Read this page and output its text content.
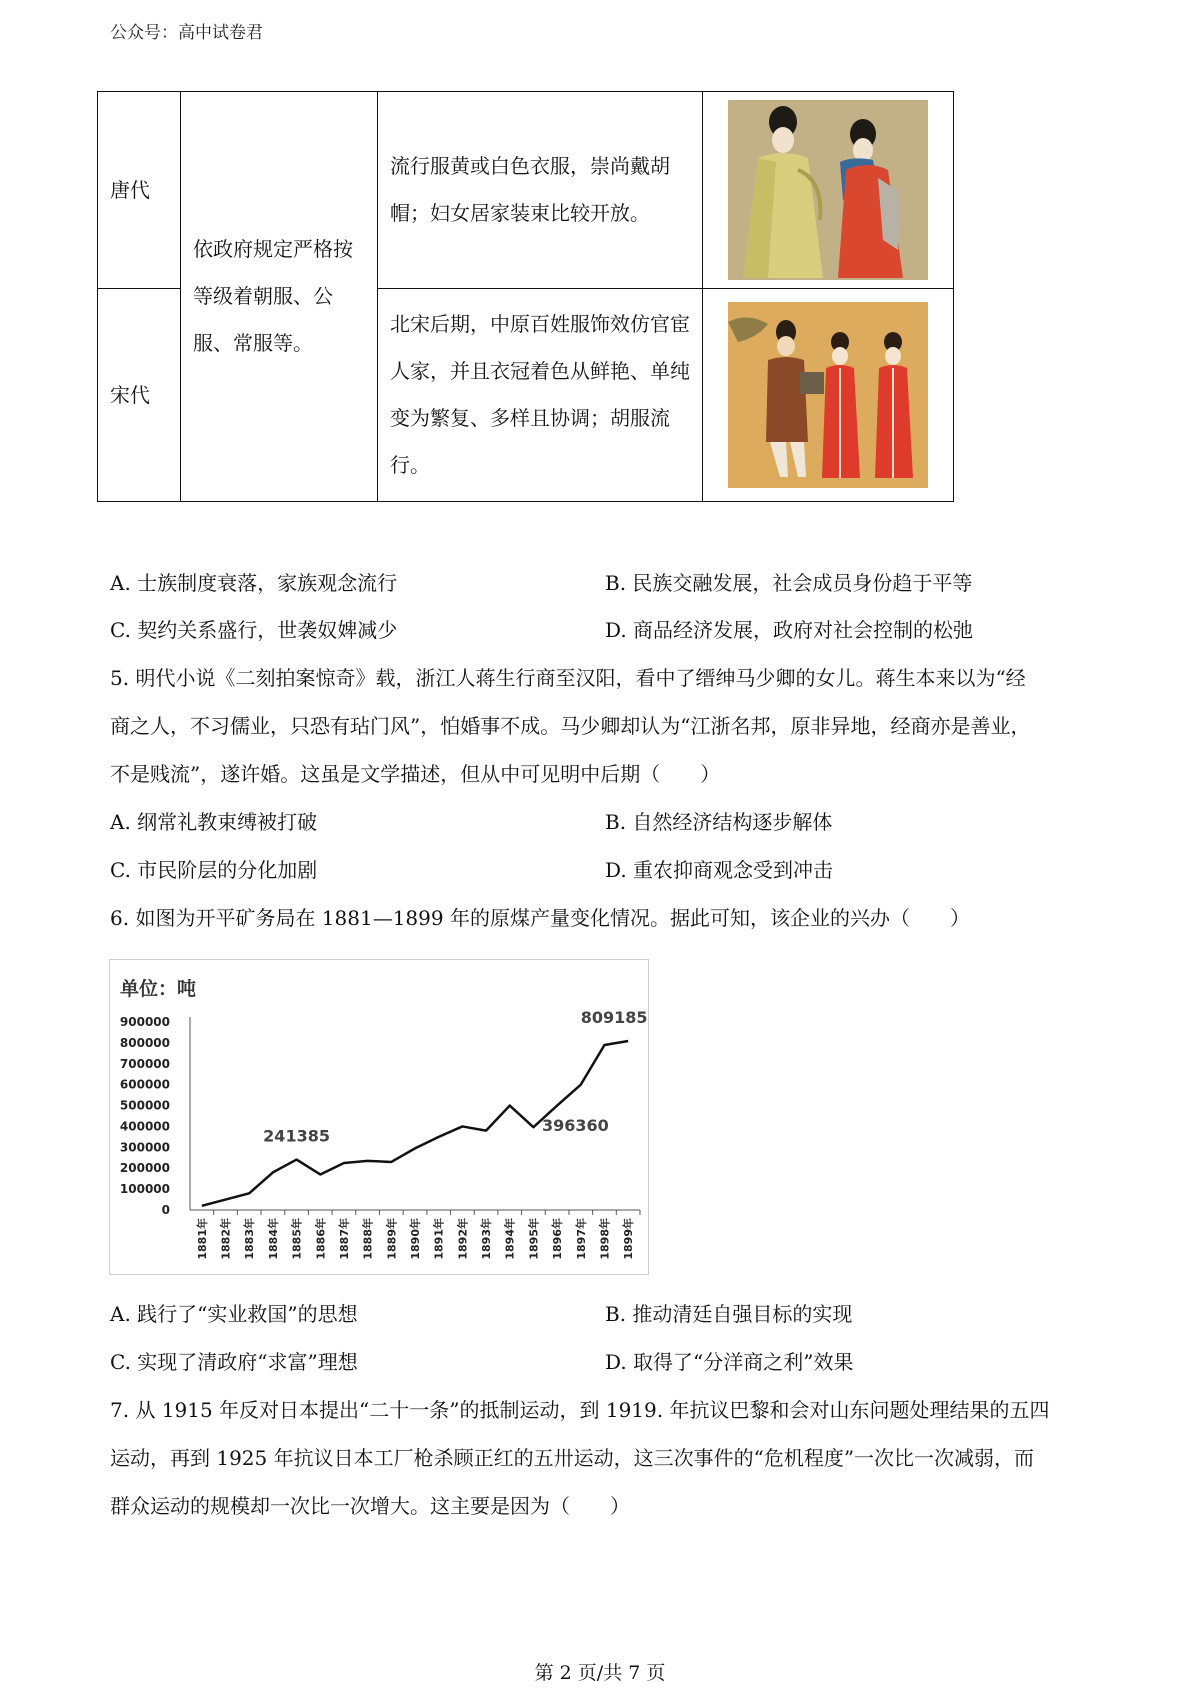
公众号：高中试卷君
唐代	依政府规定严格按等级着朝服、公服、常服等。	流行服黄或白色衣服，崇尚戴胡帽；妇女居家装束比较开放。	

宋代		北宋后期，中原百姓服饰效仿官宦人家，并且衣冠着色从鲜艳、单纯变为繁复、多样且协调；胡服流行。	
A. 士族制度衰落，家族观念流行	B. 民族交融发展，社会成员身份趋于平等
C. 契约关系盛行，世袭奴婢减少	D. 商品经济发展，政府对社会控制的松弛
5. 明代小说《二刻拍案惊奇》载，浙江人蒋生行商至汉阳，看中了缙绅马少卿的女儿。蒋生本来以为“经
商之人，不习儒业，只恐有玷门风”，怕婚事不成。马少卿却认为“江浙名邦，原非异地，经商亦是善业，
不是贱流”，遂许婚。这虽是文学描述，但从中可见明中后期（　　）
A. 纲常礼教束缚被打破	B. 自然经济结构逐步解体
C. 市民阶层的分化加剧	D. 重农抑商观念受到冲击
6. 如图为开平矿务局在 1881—1899 年的原煤产量变化情况。据此可知，该企业的兴办（　　）
单位：吨
900000
800000
700000
600000
500000
400000
300000
200000
100000
0
1881年 1882年 1883年 1884年 1885年 1886年 1887年 1888年 1889年 1890年 1891年 1892年 1893年 1894年 1895年 1896年 1897年 1898年 1899年
241385
396360
809185
A. 践行了“实业救国”的思想	B. 推动清廷自强目标的实现
C. 实现了清政府“求富”理想	D. 取得了“分洋商之利”效果
7. 从 1915 年反对日本提出“二十一条”的抵制运动，到 1919. 年抗议巴黎和会对山东问题处理结果的五四
运动，再到 1925 年抗议日本工厂枪杀顾正红的五卅运动，这三次事件的“危机程度”一次比一次减弱，而
群众运动的规模却一次比一次增大。这主要是因为（　　）
第 2 页/共 7 页
